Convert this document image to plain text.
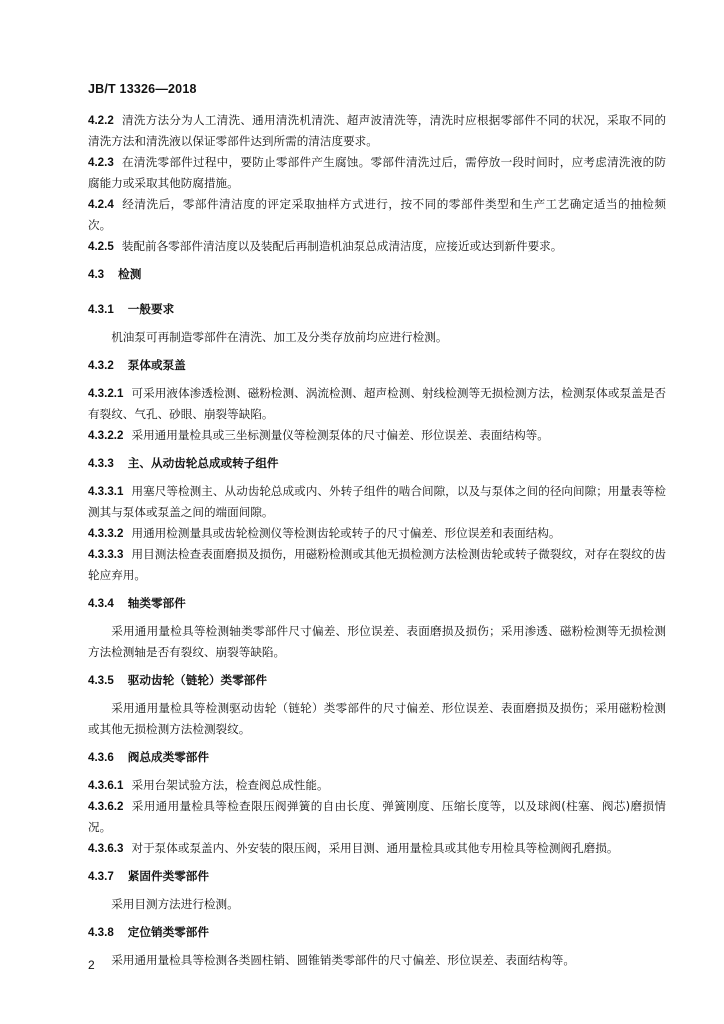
JB/T 13326—2018

4.2.2 清洗方法分为人工清洗、通用清洗机清洗、超声波清洗等，清洗时应根据零部件不同的状况，采取不同的清洗方法和清洗液以保证零部件达到所需的清洁度要求。

4.2.3 在清洗零部件过程中，要防止零部件产生腐蚀。零部件清洗过后，需停放一段时间时，应考虑清洗液的防腐能力或采取其他防腐措施。

4.2.4 经清洗后，零部件清洁度的评定采取抽样方式进行，按不同的零部件类型和生产工艺确定适当的抽检频次。

4.2.5 装配前各零部件清洁度以及装配后再制造机油泵总成清洁度，应接近或达到新件要求。

4.3 检测

4.3.1 一般要求

机油泵可再制造零部件在清洗、加工及分类存放前均应进行检测。

4.3.2 泵体或泵盖

4.3.2.1 可采用液体渗透检测、磁粉检测、涡流检测、超声检测、射线检测等无损检测方法，检测泵体或泵盖是否有裂纹、气孔、砂眼、崩裂等缺陷。

4.3.2.2 采用通用量检具或三坐标测量仪等检测泵体的尺寸偏差、形位误差、表面结构等。

4.3.3 主、从动齿轮总成或转子组件

4.3.3.1 用塞尺等检测主、从动齿轮总成或内、外转子组件的啮合间隙，以及与泵体之间的径向间隙；用量表等检测其与泵体或泵盖之间的端面间隙。

4.3.3.2 用通用检测量具或齿轮检测仪等检测齿轮或转子的尺寸偏差、形位误差和表面结构。

4.3.3.3 用目测法检查表面磨损及损伤，用磁粉检测或其他无损检测方法检测齿轮或转子微裂纹，对存在裂纹的齿轮应弃用。

4.3.4 轴类零部件

采用通用量检具等检测轴类零部件尺寸偏差、形位误差、表面磨损及损伤；采用渗透、磁粉检测等无损检测方法检测轴是否有裂纹、崩裂等缺陷。

4.3.5 驱动齿轮（链轮）类零部件

采用通用量检具等检测驱动齿轮（链轮）类零部件的尺寸偏差、形位误差、表面磨损及损伤；采用磁粉检测或其他无损检测方法检测裂纹。

4.3.6 阀总成类零部件

4.3.6.1 采用台架试验方法，检查阀总成性能。

4.3.6.2 采用通用量检具等检查限压阀弹簧的自由长度、弹簧刚度、压缩长度等，以及球阀(柱塞、阀芯)磨损情况。

4.3.6.3 对于泵体或泵盖内、外安装的限压阀，采用目测、通用量检具或其他专用检具等检测阀孔磨损。

4.3.7 紧固件类零部件

采用目测方法进行检测。

4.3.8 定位销类零部件

采用通用量检具等检测各类圆柱销、圆锥销类零部件的尺寸偏差、形位误差、表面结构等。

2
